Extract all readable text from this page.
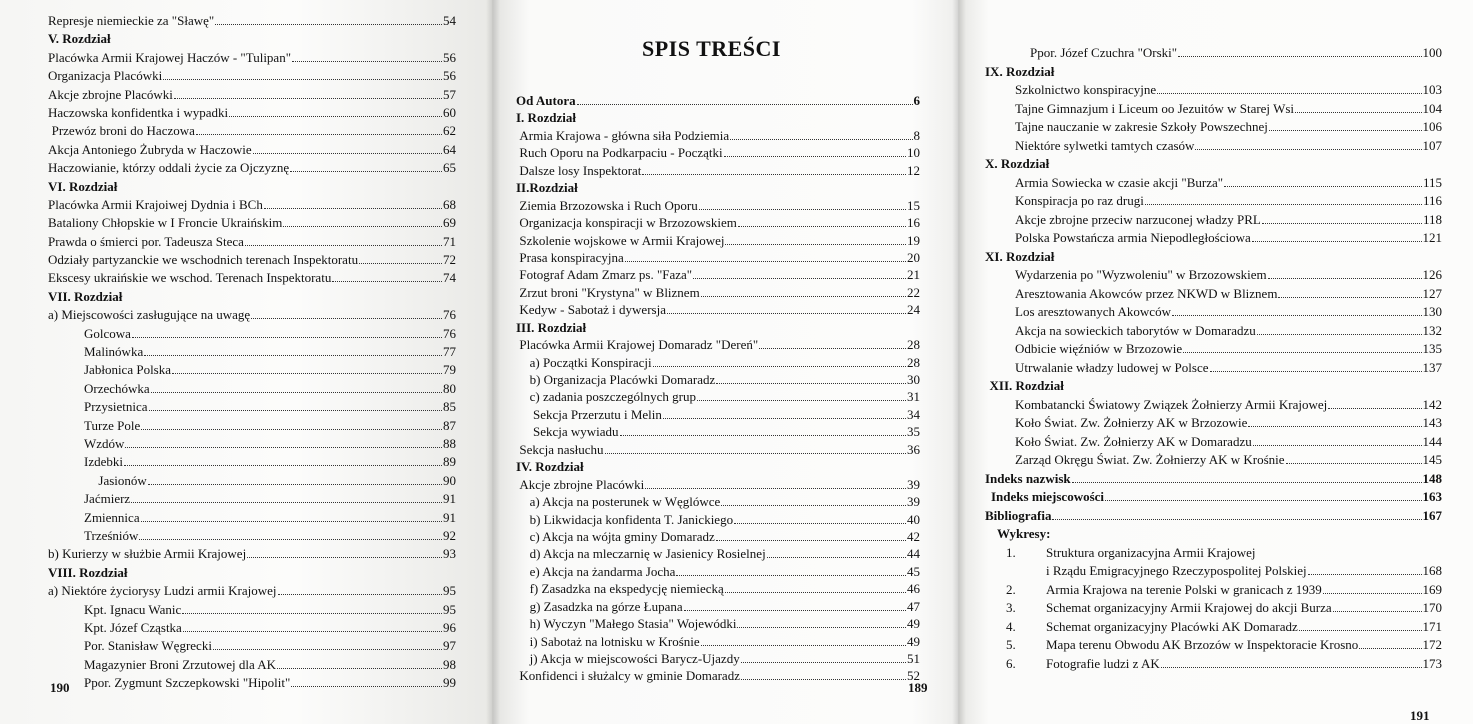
Represje niemieckie za "Sławę"	54
V. Rozdział
Placówka Armii Krajowej Haczów - "Tulipan"	56
Organizacja Placówki	56
Akcje zbrojne Placówki	57
Haczowska konfidentka i wypadki	60
Przewóz broni do Haczowa	62
Akcja Antoniego Żubryda w Haczowie	64
Haczowianie, którzy oddali życie za Ojczyznę	65
VI. Rozdział
Placówka Armii Krajoiwej Dydnia i BCh	68
Bataliony Chłopskie w I Froncie Ukraińskim	69
Prawda o śmierci por. Tadeusza Steca	71
Odziały partyzanckie we wschodnich terenach Inspektoratu	72
Ekscesy ukraińskie we wschod. Terenach Inspektoratu	74
VII. Rozdział
a) Miejscowości zasługujące na uwagę	76
Golcowa	76
Malinówka	77
Jabłonica Polska	79
Orzechówka	80
Przysietnica	85
Turze Pole	87
Wzdów	88
Izdebki	89
Jasionów	90
Jaćmierz	91
Zmiennica	91
Trześniów	92
b) Kurierzy w służbie Armii Krajowej	93
VIII. Rozdział
a) Niektóre życiorysy Ludzi armii Krajowej	95
Kpt. Ignacu Wanic	95
Kpt. Józef Cząstka	96
Por. Stanisław Węgrecki	97
Magazynier Broni Zrzutowej dla AK	98
Ppor. Zygmunt Szczepkowski "Hipolit"	99
190
SPIS TREŚCI
Od Autora	6
I. Rozdział
Armia Krajowa - główna siła Podziemia	8
Ruch Oporu na Podkarpaciu - Początki	10
Dalsze losy Inspektorat	12
II.Rozdział
Ziemia Brzozowska i Ruch Oporu	15
Organizacja konspiracji w Brzozowskiem	16
Szkolenie wojskowe w Armii Krajowej	19
Prasa konspiracyjna	20
Fotograf Adam Zmarz ps. "Faza"	21
Zrzut broni "Krystyna" w Bliznem	22
Kedyw - Sabotaż i dywersja	24
III. Rozdział
Placówka Armii Krajowej Domaradz "Dereń"	28
a) Początki Konspiracji	28
b) Organizacja Placówki Domaradz	30
c) zadania poszczególnych grup	31
Sekcja Przerzutu i Melin	34
Sekcja wywiadu	35
Sekcja nasłuchu	36
IV. Rozdział
Akcje zbrojne Placówki	39
a) Akcja na posterunek w Węglówce	39
b) Likwidacja konfidenta T. Janickiego	40
c) Akcja na wójta gminy Domaradz	42
d) Akcja na mleczarnię w Jasienicy Rosielnej	44
e) Akcja na żandarma Jocha	45
f) Zasadzka na ekspedycję niemiecką	46
g) Zasadzka na górze Łupana	47
h) Wyczyn "Małego Stasia" Wojewódki	49
i) Sabotaż na lotnisku w Krośnie	49
j) Akcja w miejscowości Barycz-Ujazdy	51
Konfidenci i służalcy w gminie Domaradz	52
189
Ppor. Józef Czuchra "Orski"	100
IX. Rozdział
Szkolnictwo konspiracyjne	103
Tajne Gimnazjum i Liceum oo Jezuitów w Starej Wsi	104
Tajne nauczanie w zakresie Szkoły Powszechnej	106
Niektóre sylwetki tamtych czasów	107
X. Rozdział
Armia Sowiecka w czasie akcji "Burza"	115
Konspiracja po raz drugi	116
Akcje zbrojne przeciw narzuconej władzy PRL	118
Polska Powstańcza armia Niepodległościowa	121
XI. Rozdział
Wydarzenia po "Wyzwoleniu" w Brzozowskiem	126
Aresztowania Akowców przez NKWD w Bliznem	127
Los aresztowanych Akowców	130
Akcja na sowieckich taborytów w Domaradzu	132
Odbicie więźniów w Brzozowie	135
Utrwalanie władzy ludowej w Polsce	137
XII. Rozdział
Kombatancki Światowy Związek Żołnierzy Armii Krajowej	142
Koło Świat. Zw. Żołnierzy AK w Brzozowie	143
Koło Świat. Zw. Żołnierzy AK w Domaradzu	144
Zarząd Okręgu Świat. Zw. Żołnierzy AK w Krośnie	145
Indeks nazwisk	148
Indeks miejscowości	163
Bibliografia	167
Wykresy:
1.	Struktura organizacyjna Armii Krajowej
i Rządu Emigracyjnego Rzeczypospolitej Polskiej	168
2.	Armia Krajowa na terenie Polski w granicach z 1939	169
3.	Schemat organizacyjny Armii Krajowej do akcji Burza	170
4.	Schemat organizacyjny Placówki AK Domaradz	171
5.	Mapa terenu Obwodu AK Brzozów w Inspektoracie Krosno	172
6.	Fotografie ludzi z AK	173
191
